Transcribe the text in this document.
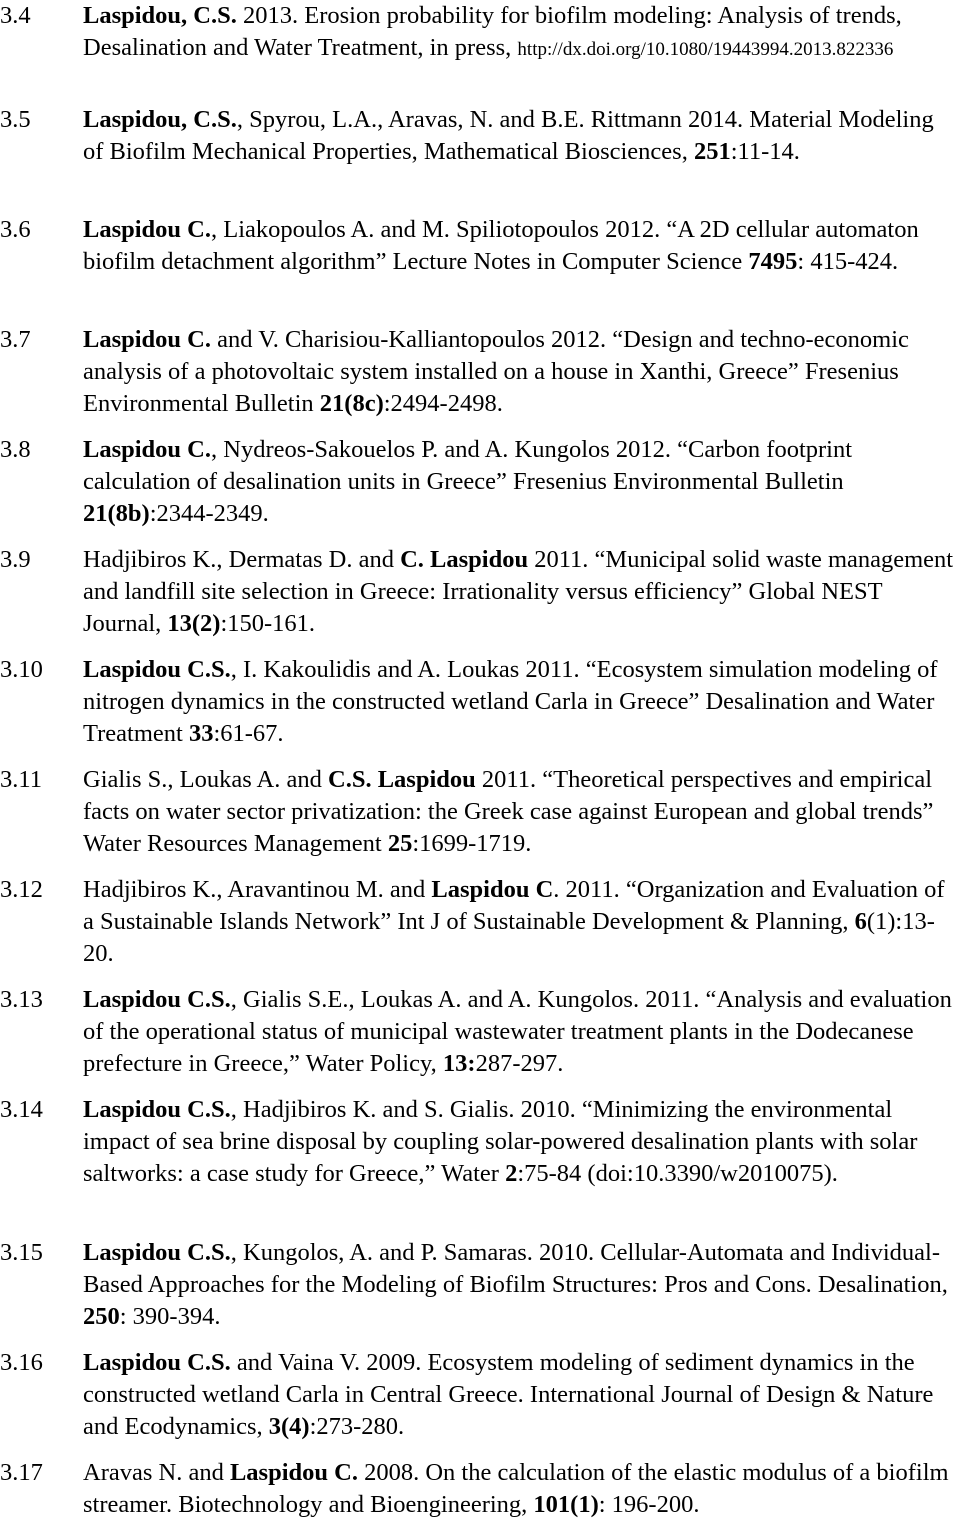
3.4	Laspidou, C.S. 2013. Erosion probability for biofilm modeling: Analysis of trends, Desalination and Water Treatment, in press, http://dx.doi.org/10.1080/19443994.2013.822336
3.5	Laspidou, C.S., Spyrou, L.A., Aravas, N. and B.E. Rittmann 2014. Material Modeling of Biofilm Mechanical Properties, Mathematical Biosciences, 251:11-14.
3.6	Laspidou C., Liakopoulos A. and M. Spiliotopoulos 2012. “A 2D cellular automaton biofilm detachment algorithm” Lecture Notes in Computer Science 7495: 415-424.
3.7	Laspidou C. and V. Charisiou-Kalliantopoulos 2012. “Design and techno-economic analysis of a photovoltaic system installed on a house in Xanthi, Greece” Fresenius Environmental Bulletin 21(8c):2494-2498.
3.8	Laspidou C., Nydreos-Sakouelos P. and A. Kungolos 2012. “Carbon footprint calculation of desalination units in Greece” Fresenius Environmental Bulletin 21(8b):2344-2349.
3.9	Hadjibiros K., Dermatas D. and C. Laspidou 2011. “Municipal solid waste management and landfill site selection in Greece: Irrationality versus efficiency” Global NEST Journal, 13(2):150-161.
3.10	Laspidou C.S., I. Kakoulidis and A. Loukas 2011. “Ecosystem simulation modeling of nitrogen dynamics in the constructed wetland Carla in Greece” Desalination and Water Treatment 33:61-67.
3.11	Gialis S., Loukas A. and C.S. Laspidou 2011. “Theoretical perspectives and empirical facts on water sector privatization: the Greek case against European and global trends” Water Resources Management 25:1699-1719.
3.12	Hadjibiros K., Aravantinou M. and Laspidou C. 2011. “Organization and Evaluation of a Sustainable Islands Network” Int J of Sustainable Development & Planning, 6(1):13-20.
3.13	Laspidou C.S., Gialis S.E., Loukas A. and A. Kungolos. 2011. “Analysis and evaluation of the operational status of municipal wastewater treatment plants in the Dodecanese prefecture in Greece,” Water Policy, 13:287-297.
3.14	Laspidou C.S., Hadjibiros K. and S. Gialis. 2010. “Minimizing the environmental impact of sea brine disposal by coupling solar-powered desalination plants with solar saltworks: a case study for Greece,” Water 2:75-84 (doi:10.3390/w2010075).
3.15	Laspidou C.S., Kungolos, A. and P. Samaras. 2010. Cellular-Automata and Individual-Based Approaches for the Modeling of Biofilm Structures: Pros and Cons. Desalination, 250: 390-394.
3.16	Laspidou C.S. and Vaina V. 2009. Ecosystem modeling of sediment dynamics in the constructed wetland Carla in Central Greece. International Journal of Design & Nature and Ecodynamics, 3(4):273-280.
3.17	Aravas N. and Laspidou C. 2008. On the calculation of the elastic modulus of a biofilm streamer. Biotechnology and Bioengineering, 101(1): 196-200.
